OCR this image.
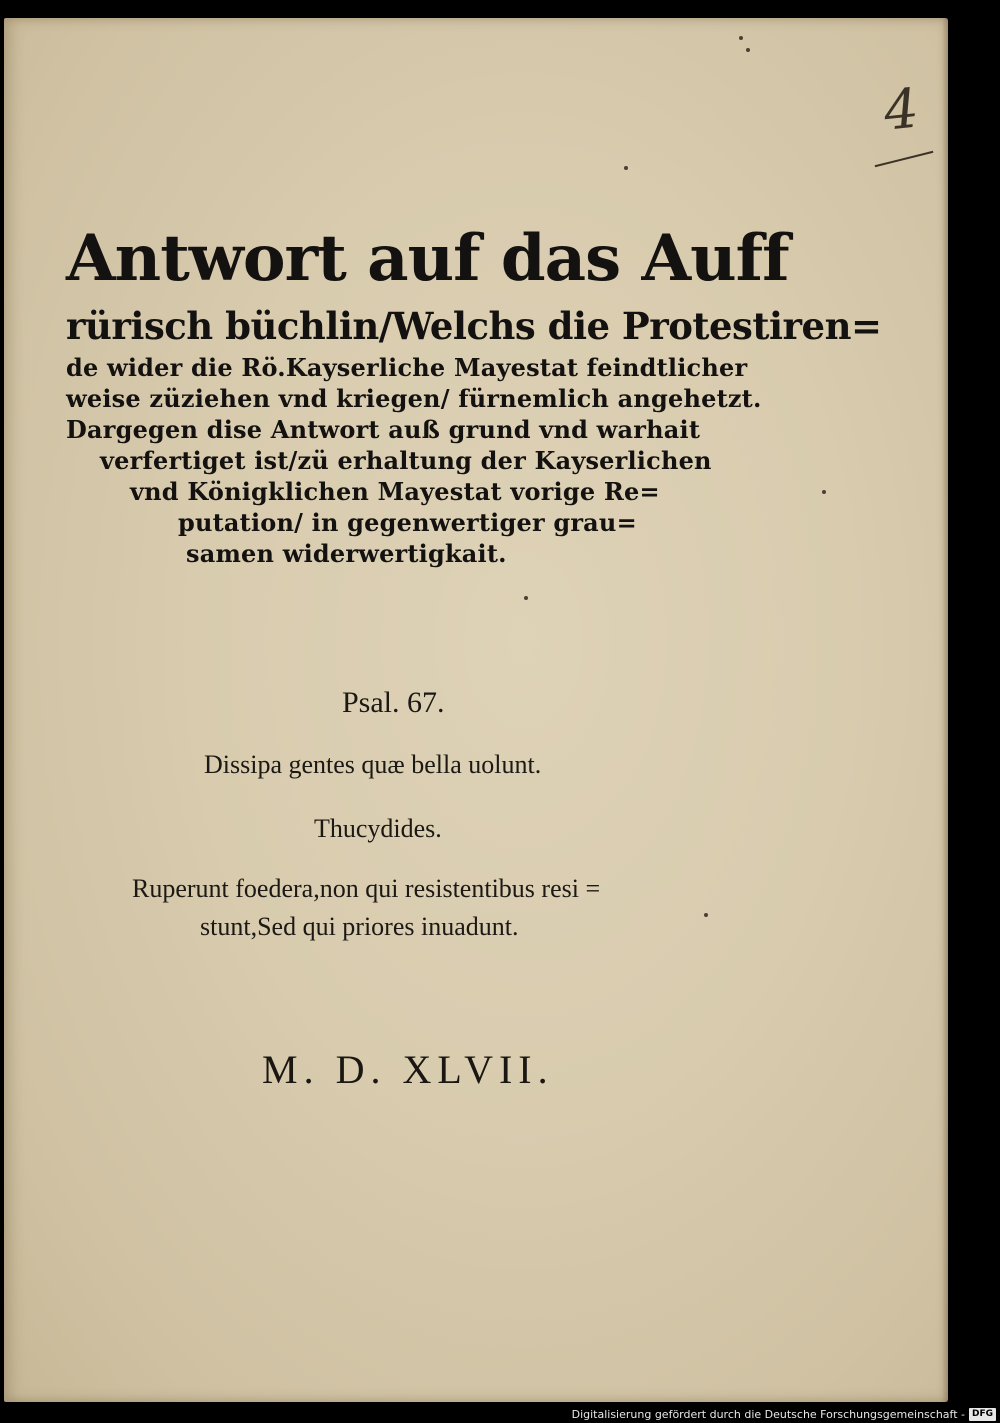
4
Antwort auf das Auff
rürisch büchlin/Welchs die Protestiren=
de wider die Rö.Kayserliche Mayestat feindtlicher
weise züziehen vnd kriegen/ fürnemlich angehetzt.
Dargegen dise Antwort auß grund vnd warhait
verfertiget ist/zü erhaltung der Kayserlichen
vnd Königklichen Mayestat vorige Re=
putation/ in gegenwertiger grau=
samen widerwertigkait.
Psal. 67.
Dissipa gentes quæ bella uolunt.
Thucydides.
Ruperunt foedera,non qui resistentibus resi =
stunt,Sed qui priores inuadunt.
M. D. XLVII.
Digitalisierung gefördert durch die Deutsche Forschungsgemeinschaft - DFG
